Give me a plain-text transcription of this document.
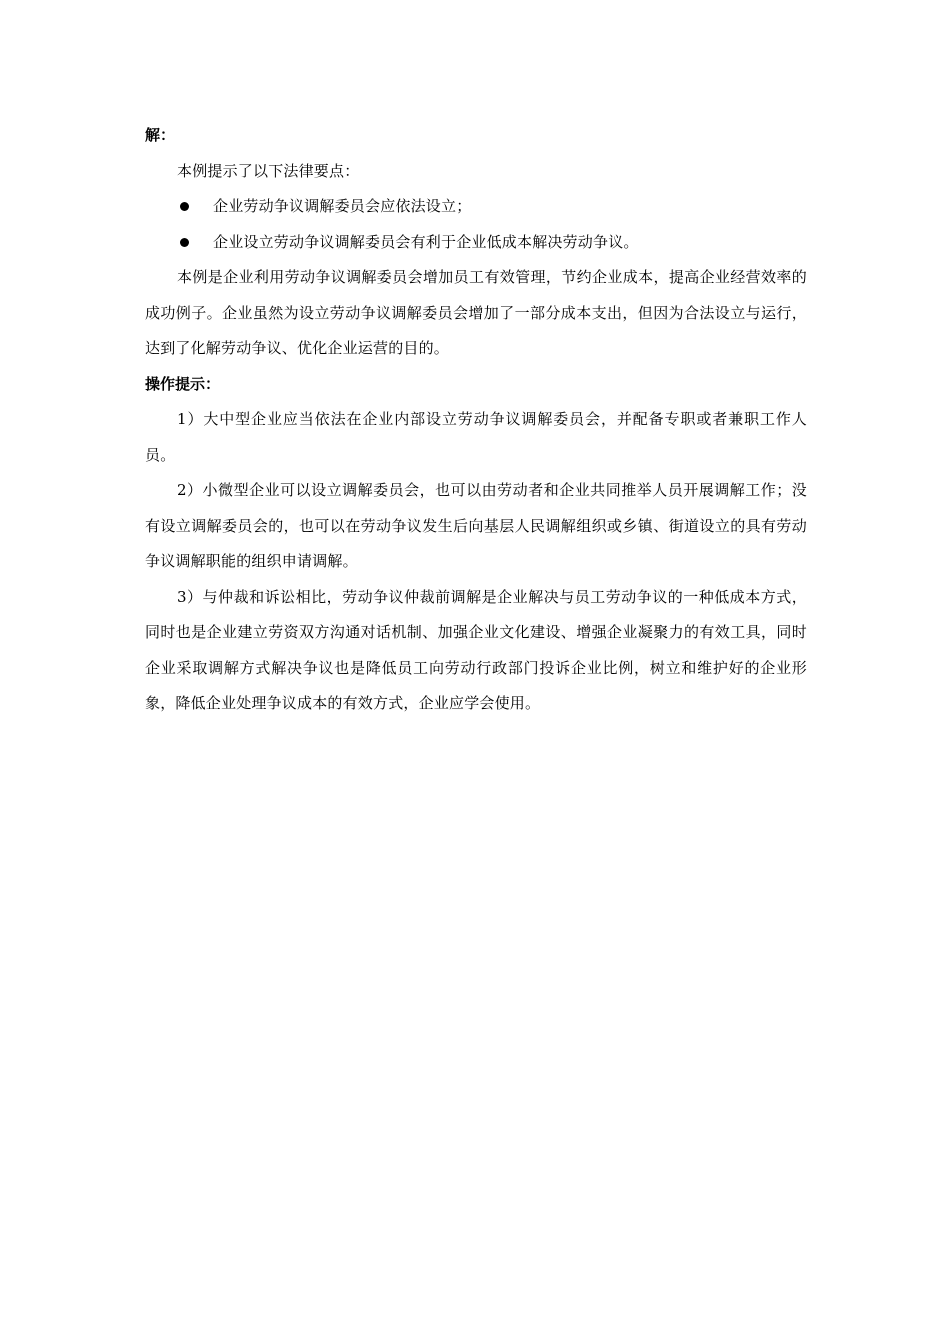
解：

本例提示了以下法律要点：

企业劳动争议调解委员会应依法设立；
企业设立劳动争议调解委员会有利于企业低成本解决劳动争议。

本例是企业利用劳动争议调解委员会增加员工有效管理，节约企业成本，提高企业经营效率的成功例子。企业虽然为设立劳动争议调解委员会增加了一部分成本支出，但因为合法设立与运行，达到了化解劳动争议、优化企业运营的目的。

操作提示：

1）大中型企业应当依法在企业内部设立劳动争议调解委员会，并配备专职或者兼职工作人员。

2）小微型企业可以设立调解委员会，也可以由劳动者和企业共同推举人员开展调解工作；没有设立调解委员会的，也可以在劳动争议发生后向基层人民调解组织或乡镇、街道设立的具有劳动争议调解职能的组织申请调解。

3）与仲裁和诉讼相比，劳动争议仲裁前调解是企业解决与员工劳动争议的一种低成本方式，同时也是企业建立劳资双方沟通对话机制、加强企业文化建设、增强企业凝聚力的有效工具，同时企业采取调解方式解决争议也是降低员工向劳动行政部门投诉企业比例，树立和维护好的企业形象，降低企业处理争议成本的有效方式，企业应学会使用。
